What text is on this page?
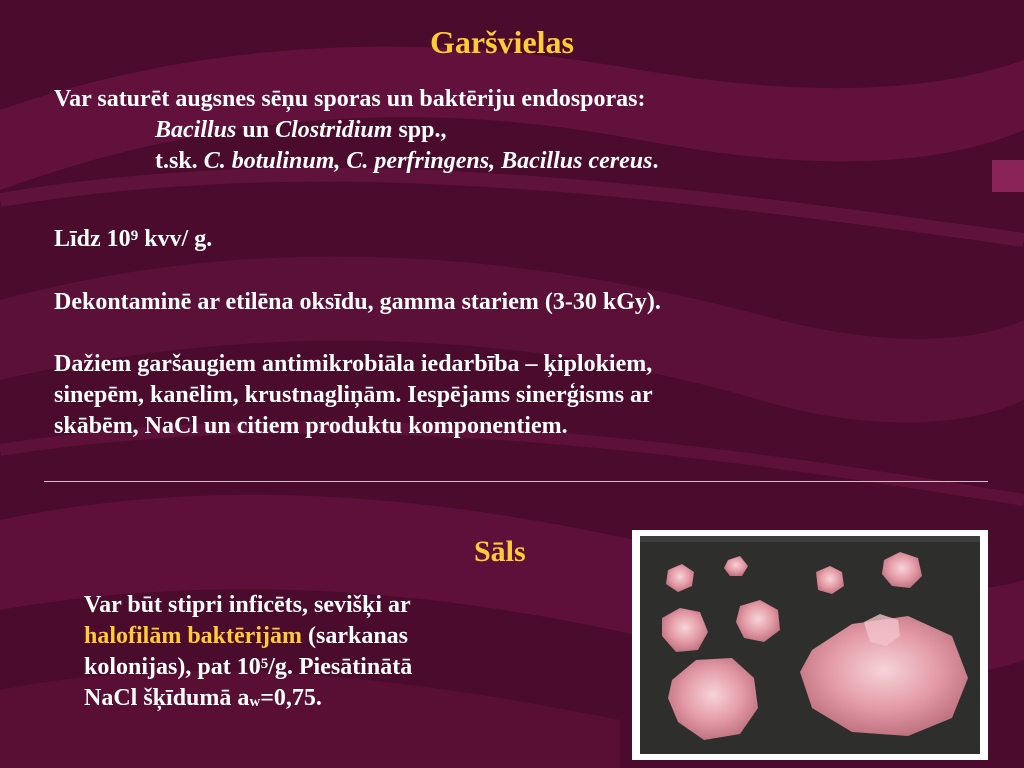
Garšvielas
Var saturēt augsnes sēņu sporas un baktēriju endosporas:
Bacillus un Clostridium spp.,
t.sk. C. botulinum, C. perfringens, Bacillus cereus.
Līdz $10^9$ kvv/ g.
Dekontaminē ar etilēna oksīdu, gamma stariem (3-30 kGy).
Dažiem garšaugiem antimikrobiāla iedarbība – ķiplokiem,
sinepēm, kanēlim, krustnagliņām. Iespējams sinerģisms ar
skābēm, NaCl un citiem produktu komponentiem.
Sāls
Var būt stipri inficēts, sevišķi ar
halofilām baktērijām (sarkanas
kolonijas), pat $10^5/g$. Piesātinātā
NaCl šķīdumā $a_w=0,75$.
